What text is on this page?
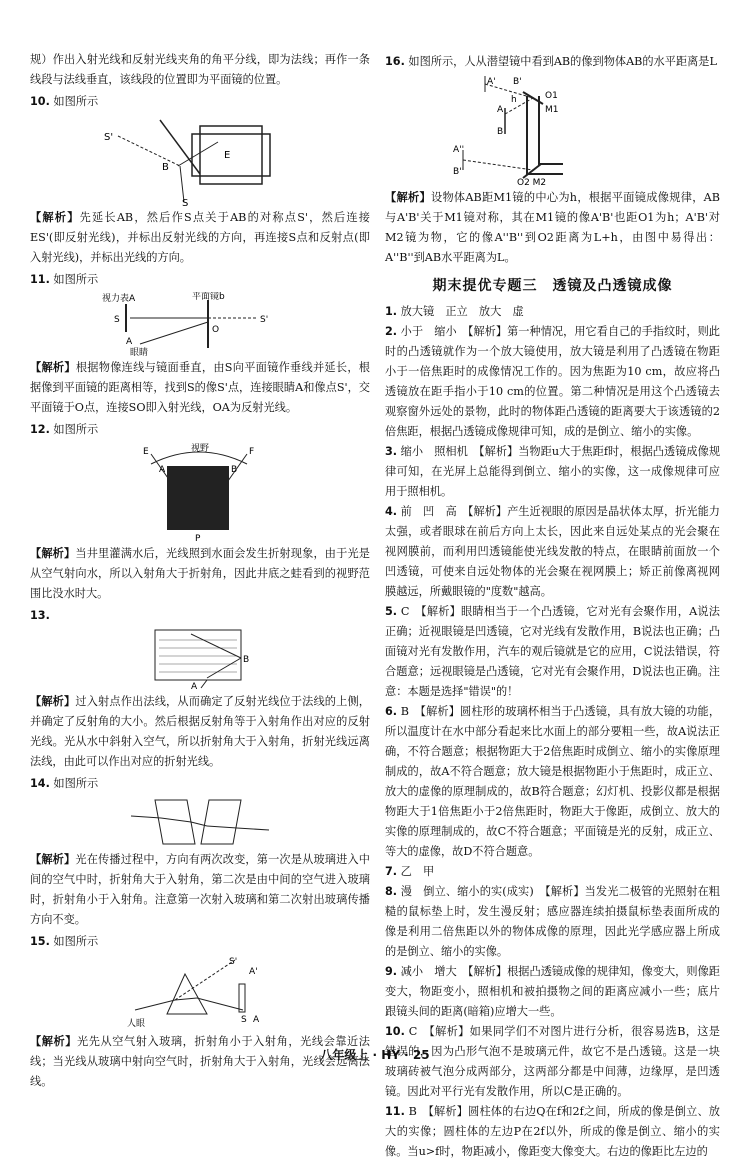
规）作出入射光线和反射光线夹角的角平分线，即为法线；再作一条线段与法线垂直，该线段的位置即为平面镜的位置。

10. 如图所示

S'
B
E
S

【解析】先延长AB，然后作S点关于AB的对称点S'，然后连接ES'(即反射光线)，并标出反射光线的方向，再连接S点和反射点(即入射光线)，并标出光线的方向。

11. 如图所示

视力表A	平面镜b
S	S'
A
O
眼睛

【解析】根据物像连线与镜面垂直，由S向平面镜作垂线并延长，根据像到平面镜的距离相等，找到S的像S'点，连接眼睛A和像点S'，交平面镜于O点，连接SO即入射光线，OA为反射光线。

12. 如图所示

视野
E	F
A	B
P

【解析】当井里灌满水后，光线照到水面会发生折射现象，由于光是从空气射向水，所以入射角大于折射角，因此井底之蛙看到的视野范围比没水时大。

13.

B
A

【解析】过入射点作出法线，从而确定了反射光线位于法线的上侧，并确定了反射角的大小。然后根据反射角等于入射角作出对应的反射光线。光从水中斜射入空气，所以折射角大于入射角，折射光线远离法线，由此可以作出对应的折射光线。

14. 如图所示

【解析】光在传播过程中，方向有两次改变，第一次是从玻璃进入中间的空气中时，折射角大于入射角，第二次是由中间的空气进入玻璃时，折射角小于入射角。注意第一次射入玻璃和第二次射出玻璃传播方向不变。

15. 如图所示

S'
A'
S A
人眼

【解析】光先从空气射入玻璃，折射角小于入射角，光线会靠近法线；当光线从玻璃中射向空气时，折射角大于入射角，光线会远离法线。

16. 如图所示，人从潜望镜中看到AB的像到物体AB的水平距离是L

A' B'
h	O1
M1
A
B
A''
B''
O2 M2

【解析】设物体AB距M1镜的中心为h，根据平面镜成像规律，AB与A'B'关于M1镜对称，其在M1镜的像A'B'也距O1为h；A'B'对M2镜为物，它的像A''B''到O2距离为L+h，由图中易得出：A''B''到AB水平距离为L。

期末提优专题三　透镜及凸透镜成像

1. 放大镜　正立　放大　虚

2. 小于　缩小　【解析】第一种情况，用它看自己的手指纹时，则此时的凸透镜就作为一个放大镜使用，放大镜是利用了凸透镜在物距小于一倍焦距时的成像情况工作的。因为焦距为10 cm，故应将凸透镜放在距手指小于10 cm的位置。第二种情况是用这个凸透镜去观察窗外远处的景物，此时的物体距凸透镜的距离要大于该透镜的2倍焦距，根据凸透镜成像规律可知，成的是倒立、缩小的实像。

3. 缩小　照相机　【解析】当物距u大于焦距f时，根据凸透镜成像规律可知，在光屏上总能得到倒立、缩小的实像，这一成像规律可应用于照相机。

4. 前　凹　高　【解析】产生近视眼的原因是晶状体太厚，折光能力太强，或者眼球在前后方向上太长，因此来自远处某点的光会聚在视网膜前，而利用凹透镜能使光线发散的特点，在眼睛前面放一个凹透镜，可使来自远处物体的光会聚在视网膜上；矫正前像离视网膜越远，所戴眼镜的"度数"越高。

5. C　【解析】眼睛相当于一个凸透镜，它对光有会聚作用，A说法正确；近视眼镜是凹透镜，它对光线有发散作用，B说法也正确；凸面镜对光有发散作用，汽车的观后镜就是它的应用，C说法错误，符合题意；远视眼镜是凸透镜，它对光有会聚作用，D说法也正确。注意：本题是选择"错误"的！

6. B　【解析】圆柱形的玻璃杯相当于凸透镜，具有放大镜的功能，所以温度计在水中部分看起来比水面上的部分要粗一些，故A说法正确，不符合题意；根据物距大于2倍焦距时成倒立、缩小的实像原理制成的，故A不符合题意；放大镜是根据物距小于焦距时，成正立、放大的虚像的原理制成的，故B符合题意；幻灯机、投影仪都是根据物距大于1倍焦距小于2倍焦距时，物距大于像距，成倒立、放大的实像的原理制成的，故C不符合题意；平面镜是光的反射，成正立、等大的虚像，故D不符合题意。

7. 乙　甲

8. 漫　倒立、缩小的实(成实)　【解析】当发光二极管的光照射在粗糙的鼠标垫上时，发生漫反射；感应器连续拍摄鼠标垫表面所成的像是利用二倍焦距以外的物体成像的原理，因此光学感应器上所成的是倒立、缩小的实像。

9. 减小　增大　【解析】根据凸透镜成像的规律知，像变大，则像距变大，物距变小，照相机和被拍摄物之间的距离应减小一些；底片跟镜头间的距离(暗箱)应增大一些。

10. C　【解析】如果同学们不对图片进行分析，很容易选B，这是错误的，因为凸形气泡不是玻璃元件，故它不是凸透镜。这是一块玻璃砖被气泡分成两部分，这两部分都是中间薄，边缘厚，是凹透镜。因此对平行光有发散作用，所以C是正确的。

11. B　【解析】圆柱体的右边Q在f和2f之间，所成的像是倒立、放大的实像；圆柱体的左边P在2f以外，所成的像是倒立、缩小的实像。当u>f时，物距减小，像距变大像变大。右边的像距比左边的

八年级上 · HY · 25
